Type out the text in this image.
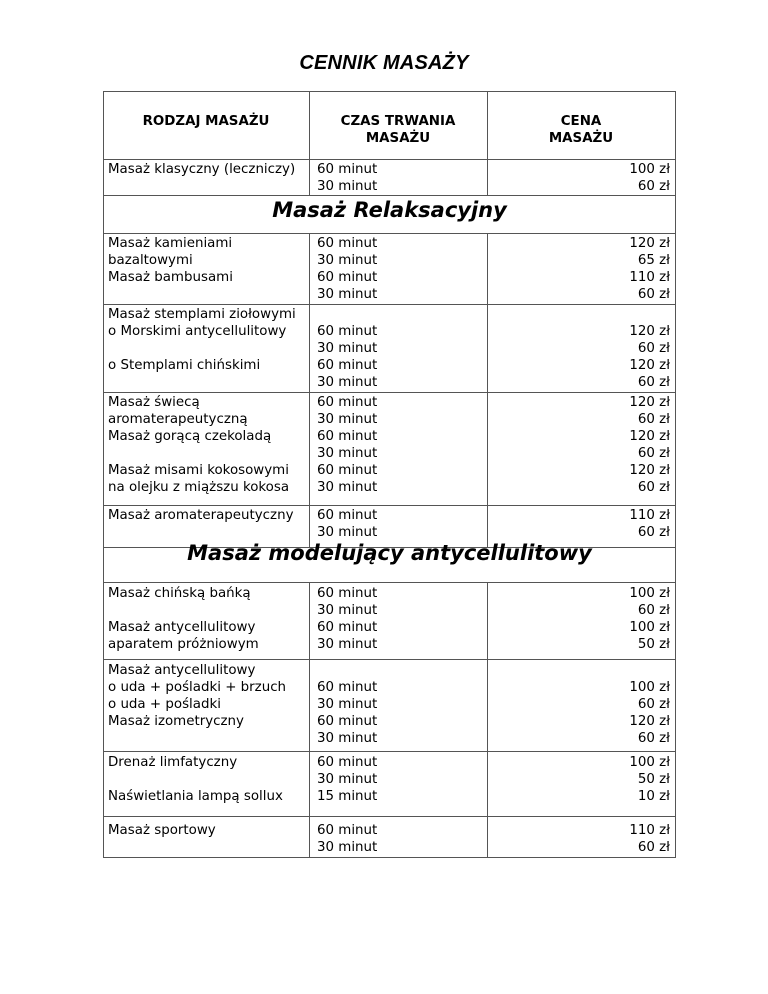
CENNIK MASAŻY
RODZAJ MASAŻU	CZAS TRWANIA
MASAŻU
CENA
MASAŻU
Masaż klasyczny (leczniczy) 60 minut
30 minut
100 zł
60 zł
Masaż Relaksacyjny
Masaż kamieniami
bazaltowymi
Masaż bambusami
60 minut
30 minut
60 minut
30 minut
120 zł
65 zł
110 zł
60 zł
Masaż stemplami ziołowymi
o Morskimi antycellulitowy

o Stemplami chińskimi
60 minut
30 minut
60 minut
30 minut
120 zł
60 zł
120 zł
60 zł
Masaż świecą
aromaterapeutyczną
Masaż gorącą czekoladą

Masaż misami kokosowymi
na olejku z miąższu kokosa
60 minut
30 minut
60 minut
30 minut
60 minut
30 minut
120 zł
60 zł
120 zł
60 zł
120 zł
60 zł
Masaż aromaterapeutyczny 60 minut
30 minut
110 zł
60 zł
Masaż modelujący antycellulitowy
Masaż chińską bańką

Masaż antycellulitowy
aparatem próżniowym
60 minut
30 minut
60 minut
30 minut
100 zł
60 zł
100 zł
50 zł
Masaż antycellulitowy
o uda + pośladki + brzuch
o uda + pośladki
Masaż izometryczny
60 minut
30 minut
60 minut
30 minut
100 zł
60 zł
120 zł
60 zł
Drenaż limfatyczny

Naświetlania lampą sollux
60 minut
30 minut
15 minut
100 zł
50 zł
10 zł
Masaż sportowy	60 minut
30 minut
110 zł
60 zł
